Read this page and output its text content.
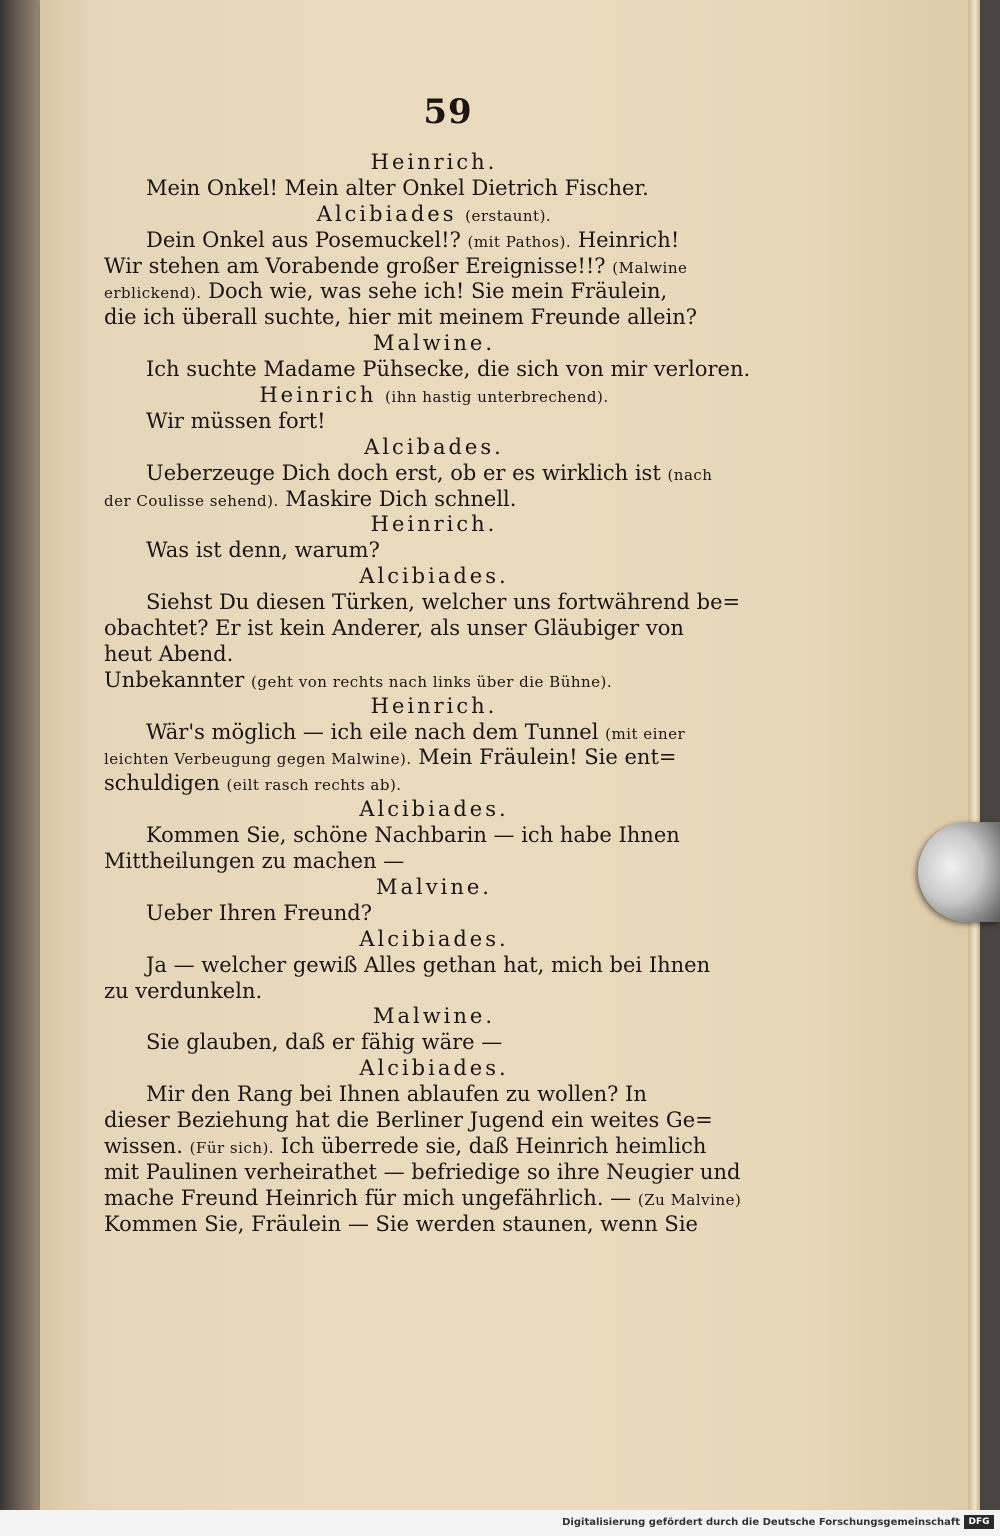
59
Heinrich.
Mein Onkel! Mein alter Onkel Dietrich Fischer.
Alcibiades (erstaunt).
Dein Onkel aus Posemuckel!? (mit Pathos). Heinrich!
Wir stehen am Vorabende großer Ereignisse!!? (Malwine
erblickend). Doch wie, was sehe ich! Sie mein Fräulein,
die ich überall suchte, hier mit meinem Freunde allein?
Malwine.
Ich suchte Madame Pühsecke, die sich von mir verloren.
Heinrich (ihn hastig unterbrechend).
Wir müssen fort!
Alcibades.
Ueberzeuge Dich doch erst, ob er es wirklich ist (nach
der Coulisse sehend). Maskire Dich schnell.
Heinrich.
Was ist denn, warum?
Alcibiades.
Siehst Du diesen Türken, welcher uns fortwährend be=
obachtet? Er ist kein Anderer, als unser Gläubiger von
heut Abend.
Unbekannter (geht von rechts nach links über die Bühne).
Heinrich.
Wär's möglich — ich eile nach dem Tunnel (mit einer
leichten Verbeugung gegen Malwine). Mein Fräulein! Sie ent=
schuldigen (eilt rasch rechts ab).
Alcibiades.
Kommen Sie, schöne Nachbarin — ich habe Ihnen
Mittheilungen zu machen —
Malvine.
Ueber Ihren Freund?
Alcibiades.
Ja — welcher gewiß Alles gethan hat, mich bei Ihnen
zu verdunkeln.
Malwine.
Sie glauben, daß er fähig wäre —
Alcibiades.
Mir den Rang bei Ihnen ablaufen zu wollen? In
dieser Beziehung hat die Berliner Jugend ein weites Ge=
wissen. (Für sich). Ich überrede sie, daß Heinrich heimlich
mit Paulinen verheirathet — befriedige so ihre Neugier und
mache Freund Heinrich für mich ungefährlich. — (Zu Malvine)
Kommen Sie, Fräulein — Sie werden staunen, wenn Sie
Digitalisierung gefördert durch die Deutsche Forschungsgemeinschaft DFG
